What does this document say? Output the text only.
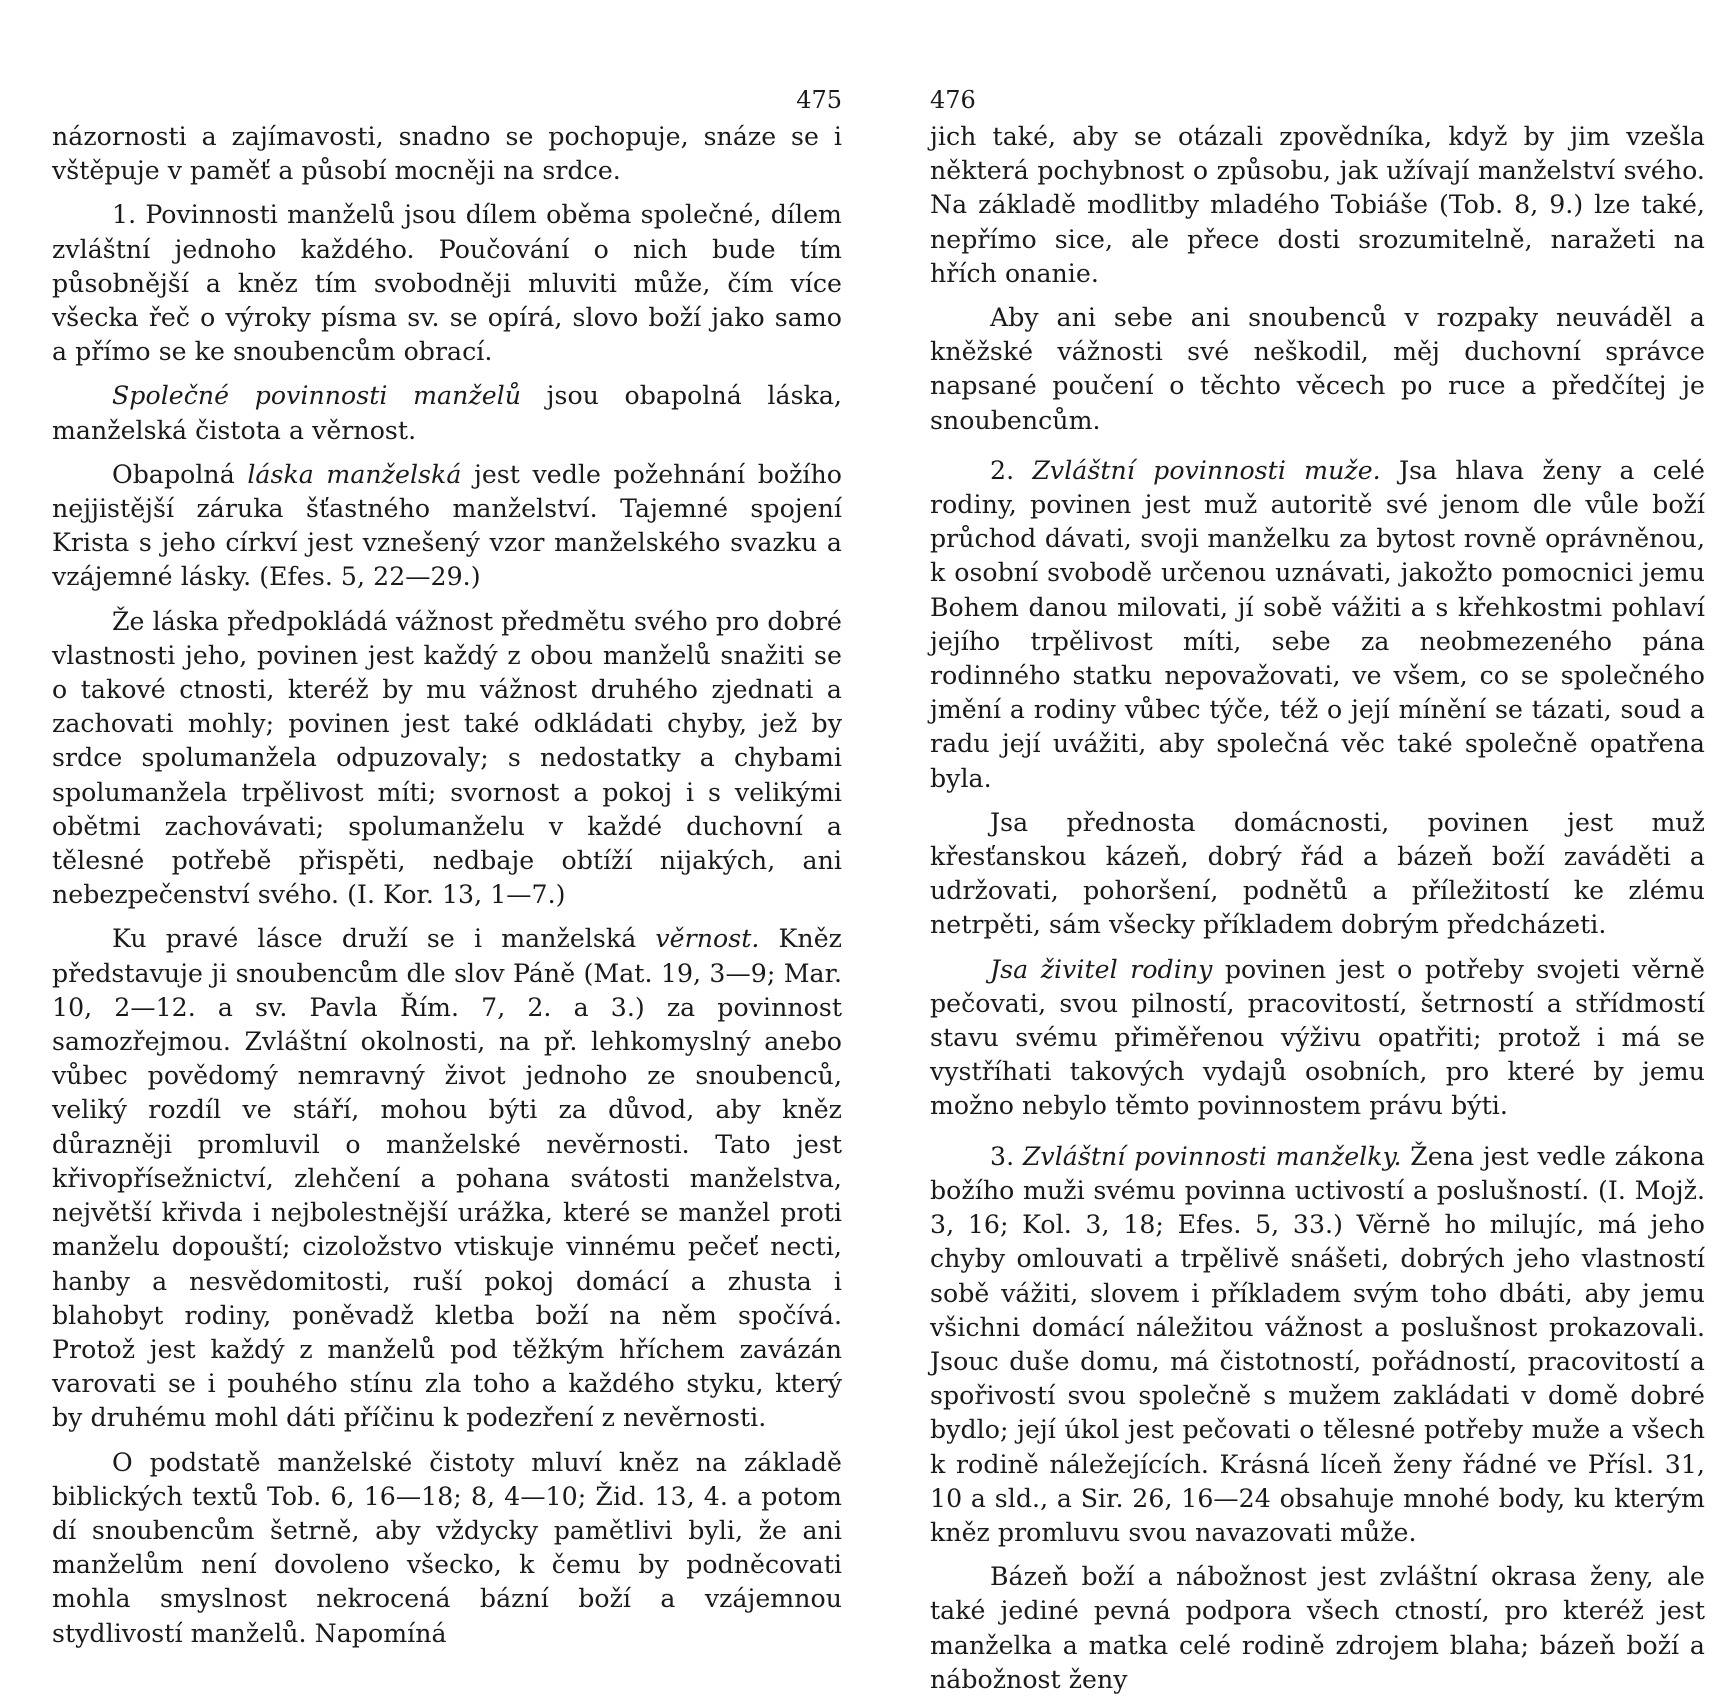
475

názornosti a zajímavosti, snadno se pochopuje, snáze se i vštěpuje v paměť a působí mocněji na srdce.

1. Povinnosti manželů jsou dílem oběma společné, dílem zvláštní jednoho každého. Poučování o nich bude tím působnější a kněz tím svobodněji mluviti může, čím více všecka řeč o výroky písma sv. se opírá, slovo boží jako samo a přímo se ke snoubencům obrací.

Společné povinnosti manželů jsou obapolná láska, manželská čistota a věrnost.

Obapolná láska manželská jest vedle požehnání božího nejjistější záruka šťastného manželství. Tajemné spojení Krista s jeho církví jest vznešený vzor manželského svazku a vzájemné lásky. (Efes. 5, 22—29.)

Že láska předpokládá vážnost předmětu svého pro dobré vlastnosti jeho, povinen jest každý z obou manželů snažiti se o takové ctnosti, kteréž by mu vážnost druhého zjednati a zachovati mohly; povinen jest také odkládati chyby, jež by srdce spolumanžela odpuzovaly; s nedostatky a chybami spolumanžela trpělivost míti; svornost a pokoj i s velikými obětmi zachovávati; spolumanželu v každé duchovní a tělesné potřebě přispěti, nedbaje obtíží nijakých, ani nebezpečenství svého. (I. Kor. 13, 1—7.)

Ku pravé lásce druží se i manželská věrnost. Kněz představuje ji snoubencům dle slov Páně (Mat. 19, 3—9; Mar. 10, 2—12. a sv. Pavla Řím. 7, 2. a 3.) za povinnost samozřejmou. Zvláštní okolnosti, na př. lehkomyslný anebo vůbec povědomý nemravný život jednoho ze snoubenců, veliký rozdíl ve stáří, mohou býti za důvod, aby kněz důrazněji promluvil o manželské nevěrnosti. Tato jest křivopřísežnictví, zlehčení a pohana svátosti manželstva, největší křivda i nejbolestnější urážka, které se manžel proti manželu dopouští; cizoložstvo vtiskuje vinnému pečeť necti, hanby a nesvědomitosti, ruší pokoj domácí a zhusta i blahobyt rodiny, poněvadž kletba boží na něm spočívá. Protož jest každý z manželů pod těžkým hříchem zavázán varovati se i pouhého stínu zla toho a každého styku, který by druhému mohl dáti příčinu k podezření z nevěrnosti.

O podstatě manželské čistoty mluví kněz na základě biblických textů Tob. 6, 16—18; 8, 4—10; Žid. 13, 4. a potom dí snoubencům šetrně, aby vždycky pamětlivi byli, že ani manželům není dovoleno všecko, k čemu by podněcovati mohla smyslnost nekrocená bázní boží a vzájemnou stydlivostí manželů. Napomíná

476

jich také, aby se otázali zpovědníka, když by jim vzešla některá pochybnost o způsobu, jak užívají manželství svého. Na základě modlitby mladého Tobiáše (Tob. 8, 9.) lze také, nepřímo sice, ale přece dosti srozumitelně, naražeti na hřích onanie.

Aby ani sebe ani snoubenců v rozpaky neuváděl a kněžské vážnosti své neškodil, měj duchovní správce napsané poučení o těchto věcech po ruce a předčítej je snoubencům.

2. Zvláštní povinnosti muže. Jsa hlava ženy a celé rodiny, povinen jest muž autoritě své jenom dle vůle boží průchod dávati, svoji manželku za bytost rovně oprávněnou, k osobní svobodě určenou uznávati, jakožto pomocnici jemu Bohem danou milovati, jí sobě vážiti a s křehkostmi pohlaví jejího trpělivost míti, sebe za neobmezeného pána rodinného statku nepovažovati, ve všem, co se společného jmění a rodiny vůbec týče, též o její mínění se tázati, soud a radu její uvážiti, aby společná věc také společně opatřena byla.

Jsa přednosta domácnosti, povinen jest muž křesťanskou kázeň, dobrý řád a bázeň boží zaváděti a udržovati, pohoršení, podnětů a příležitostí ke zlému netrpěti, sám všecky příkladem dobrým předcházeti.

Jsa živitel rodiny povinen jest o potřeby svojeti věrně pečovati, svou pilností, pracovitostí, šetrností a střídmostí stavu svému přiměřenou výživu opatřiti; protož i má se vystříhati takových vydajů osobních, pro které by jemu možno nebylo těmto povinnostem právu býti.

3. Zvláštní povinnosti manželky. Žena jest vedle zákona božího muži svému povinna uctivostí a poslušností. (I. Mojž. 3, 16; Kol. 3, 18; Efes. 5, 33.) Věrně ho milujíc, má jeho chyby omlouvati a trpělivě snášeti, dobrých jeho vlastností sobě vážiti, slovem i příkladem svým toho dbáti, aby jemu všichni domácí náležitou vážnost a poslušnost prokazovali. Jsouc duše domu, má čistotností, pořádností, pracovitostí a spořivostí svou společně s mužem zakládati v domě dobré bydlo; její úkol jest pečovati o tělesné potřeby muže a všech k rodině náležejících. Krásná líceň ženy řádné ve Přísl. 31, 10 a sld., a Sir. 26, 16—24 obsahuje mnohé body, ku kterým kněz promluvu svou navazovati může.

Bázeň boží a nábožnost jest zvláštní okrasa ženy, ale také jediné pevná podpora všech ctností, pro kteréž jest manželka a matka celé rodině zdrojem blaha; bázeň boží a nábožnost ženy
